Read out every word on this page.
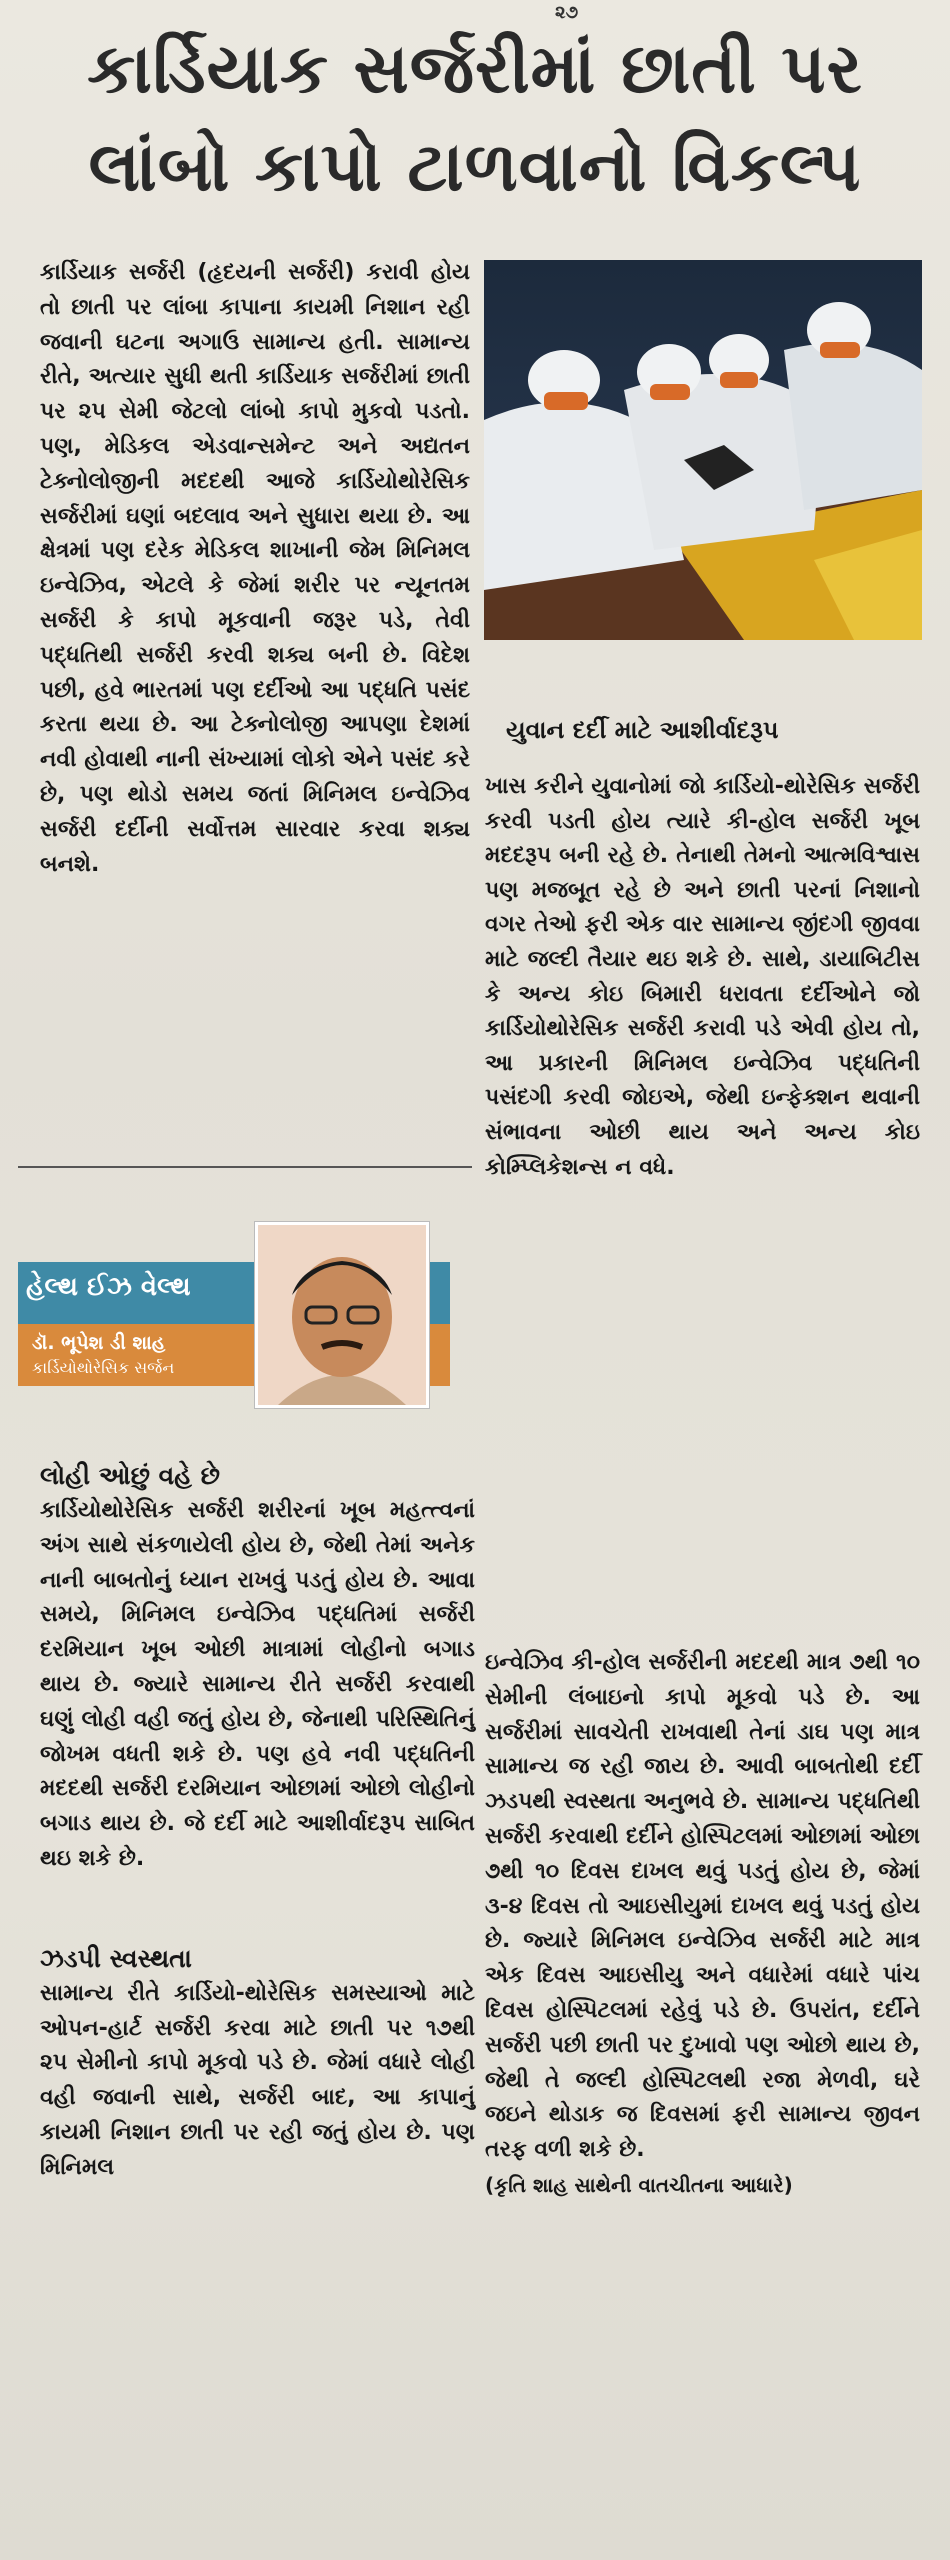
૨૭
કાર્ડિયાક સર્જરીમાં છાતી પર
લાંબો કાપો ટાળવાનો વિકલ્પ

કાર્ડિયાક સર્જરી (હૃદયની સર્જરી) કરાવી હોય તો છાતી પર લાંબા કાપાના કાયમી નિશાન રહી જવાની ઘટના અગાઉ સામાન્ય હતી. સામાન્ય રીતે, અત્યાર સુધી થતી કાર્ડિયાક સર્જરીમાં છાતી પર ૨૫ સેમી જેટલો લાંબો કાપો મુકવો પડતો. પણ, મેડિકલ એડવાન્સમેન્ટ અને અદ્યતન ટેક્નોલોજીની મદદથી આજે કાર્ડિયોથોરેસિક સર્જરીમાં ઘણાં બદલાવ અને સુધારા થયા છે. આ ક્ષેત્રમાં પણ દરેક મેડિકલ શાખાની જેમ મિનિમલ ઇન્વેઝિવ, એટલે કે જેમાં શરીર પર ન્યૂનતમ સર્જરી કે કાપો મૂકવાની જરૂર પડે, તેવી પદ્ધતિથી સર્જરી કરવી શક્ય બની છે. વિદેશ પછી, હવે ભારતમાં પણ દર્દીઓ આ પદ્ધતિ પસંદ કરતા થયા છે. આ ટેક્નોલોજી આપણા દેશમાં નવી હોવાથી નાની સંખ્યામાં લોકો એને પસંદ કરે છે, પણ થોડો સમય જતાં મિનિમલ ઇન્વેઝિવ સર્જરી દર્દીની સર્વોત્તમ સારવાર કરવા શક્ય બનશે.

યુવાન દર્દી માટે આશીર્વાદરૂપ

ખાસ કરીને યુવાનોમાં જો કાર્ડિયો-થોરેસિક સર્જરી કરવી પડતી હોય ત્યારે કી-હોલ સર્જરી ખૂબ મદદરૂપ બની રહે છે. તેનાથી તેમનો આત્મવિશ્વાસ પણ મજબૂત રહે છે અને છાતી પરનાં નિશાનો વગર તેઓ ફરી એક વાર સામાન્ય જીંદગી જીવવા માટે જલ્દી તૈયાર થઇ શકે છે. સાથે, ડાયાબિટીસ કે અન્ય કોઇ બિમારી ધરાવતા દર્દીઓને જો કાર્ડિયોથોરેસિક સર્જરી કરાવી પડે એવી હોય તો, આ પ્રકારની મિનિમલ ઇન્વેઝિવ પદ્ધતિની પસંદગી કરવી જોઇએ, જેથી ઇન્ફેક્શન થવાની સંભાવના ઓછી થાય અને અન્ય કોઇ કોમ્પ્લિકેશન્સ ન વધે.

હેલ્થ ઈઝ વેલ્થ
ડૉ. ભૂપેશ ડી શાહ
કાર્ડિયોથોરેસિક સર્જન
લોહી ઓછું વહે છે

કાર્ડિયોથોરેસિક સર્જરી શરીરનાં ખૂબ મહત્ત્વનાં અંગ સાથે સંકળાયેલી હોય છે, જેથી તેમાં અનેક નાની બાબતોનું ધ્યાન રાખવું પડતું હોય છે. આવા સમયે, મિનિમલ ઇન્વેઝિવ પદ્ધતિમાં સર્જરી દરમિયાન ખૂબ ઓછી માત્રામાં લોહીનો બગાડ થાય છે. જ્યારે સામાન્ય રીતે સર્જરી કરવાથી ઘણું લોહી વહી જતું હોય છે, જેનાથી પરિસ્થિતિનું જોખમ વધતી શકે છે. પણ હવે નવી પદ્ધતિની મદદથી સર્જરી દરમિયાન ઓછામાં ઓછો લોહીનો બગાડ થાય છે. જે દર્દી માટે આશીર્વાદરૂપ સાબિત થઇ શકે છે.

ઝડપી સ્વસ્થતા

સામાન્ય રીતે કાર્ડિયો-થોરેસિક સમસ્યાઓ માટે ઓપન-હાર્ટ સર્જરી કરવા માટે છાતી પર ૧૭થી ૨૫ સેમીનો કાપો મૂકવો પડે છે. જેમાં વધારે લોહી વહી જવાની સાથે, સર્જરી બાદ, આ કાપાનું કાયમી નિશાન છાતી પર રહી જતું હોય છે. પણ મિનિમલ

ઇન્વેઝિવ કી-હોલ સર્જરીની મદદથી માત્ર ૭થી ૧૦ સેમીની લંબાઇનો કાપો મૂકવો પડે છે. આ સર્જરીમાં સાવચેતી રાખવાથી તેનાં ડાઘ પણ માત્ર સામાન્ય જ રહી જાય છે. આવી બાબતોથી દર્દી ઝડપથી સ્વસ્થતા અનુભવે છે. સામાન્ય પદ્ધતિથી સર્જરી કરવાથી દર્દીને હોસ્પિટલમાં ઓછામાં ઓછા ૭થી ૧૦ દિવસ દાખલ થવું પડતું હોય છે, જેમાં ૩-૪ દિવસ તો આઇસીયુમાં દાખલ થવું પડતું હોય છે. જ્યારે મિનિમલ ઇન્વેઝિવ સર્જરી માટે માત્ર એક દિવસ આઇસીયુ અને વધારેમાં વધારે પાંચ દિવસ હોસ્પિટલમાં રહેવું પડે છે. ઉપરાંત, દર્દીને સર્જરી પછી છાતી પર દુખાવો પણ ઓછો થાય છે, જેથી તે જલ્દી હોસ્પિટલથી રજા મેળવી, ઘરે જઇને થોડાક જ દિવસમાં ફરી સામાન્ય જીવન તરફ વળી શકે છે.

(કૃતિ શાહ સાથેની વાતચીતના આધારે)
